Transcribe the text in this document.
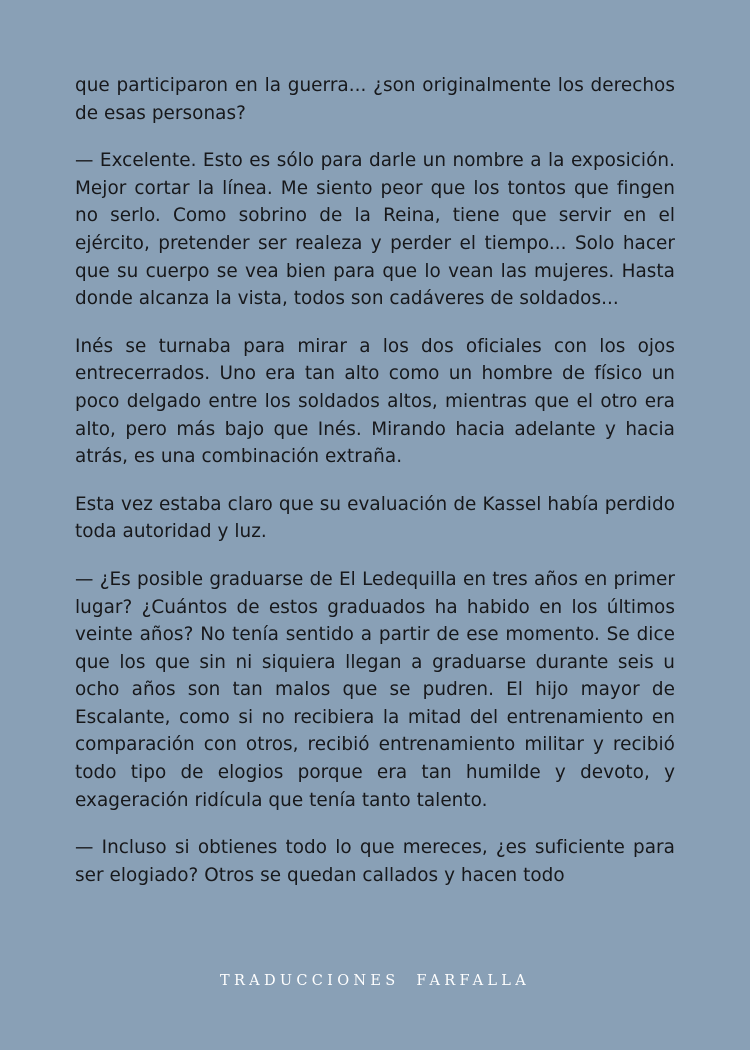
que participaron en la guerra... ¿son originalmente los derechos de esas personas?

— Excelente. Esto es sólo para darle un nombre a la exposición. Mejor cortar la línea. Me siento peor que los tontos que fingen no serlo. Como sobrino de la Reina, tiene que servir en el ejército, pretender ser realeza y perder el tiempo... Solo hacer que su cuerpo se vea bien para que lo vean las mujeres. Hasta donde alcanza la vista, todos son cadáveres de soldados...

Inés se turnaba para mirar a los dos oficiales con los ojos entrecerrados. Uno era tan alto como un hombre de físico un poco delgado entre los soldados altos, mientras que el otro era alto, pero más bajo que Inés. Mirando hacia adelante y hacia atrás, es una combinación extraña.

Esta vez estaba claro que su evaluación de Kassel había perdido toda autoridad y luz.

— ¿Es posible graduarse de El Ledequilla en tres años en primer lugar? ¿Cuántos de estos graduados ha habido en los últimos veinte años? No tenía sentido a partir de ese momento. Se dice que los que sin ni siquiera llegan a graduarse durante seis u ocho años son tan malos que se pudren. El hijo mayor de Escalante, como si no recibiera la mitad del entrenamiento en comparación con otros, recibió entrenamiento militar y recibió todo tipo de elogios porque era tan humilde y devoto, y exageración ridícula que tenía tanto talento.

— Incluso si obtienes todo lo que mereces, ¿es suficiente para ser elogiado? Otros se quedan callados y hacen todo

TRADUCCIONES FARFALLA
